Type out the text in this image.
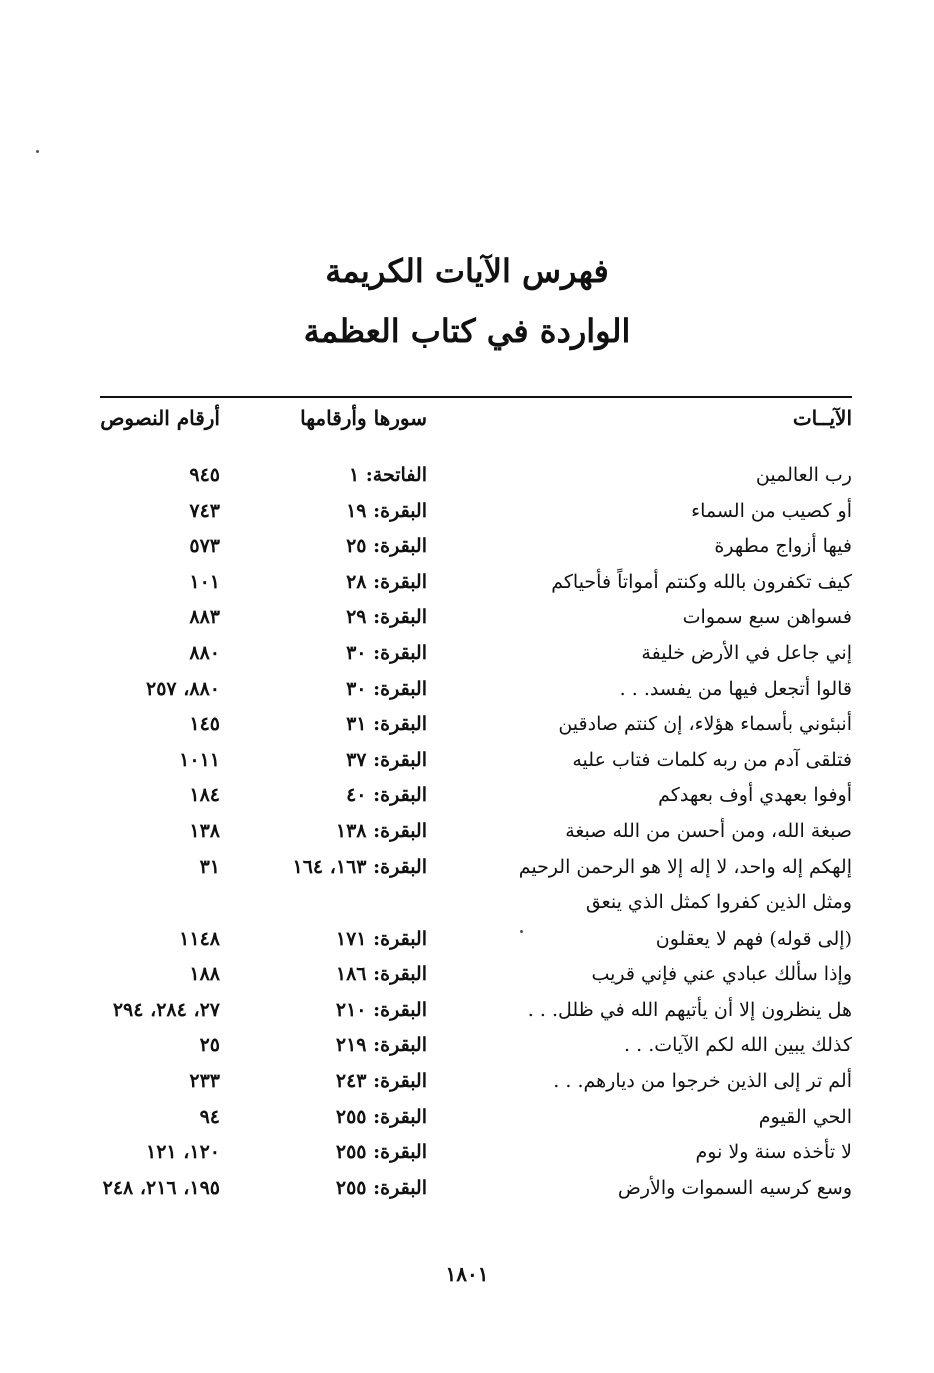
فهرس الآيات الكريمة
الواردة في كتاب العظمة
الآيــات
سورها وأرقامها
أرقام النصوص
رب العالمين
الفاتحة: ١
٩٤٥
أو كصيب من السماء
البقرة: ١٩
٧٤٣
فيها أزواج مطهرة
البقرة: ٢٥
٥٧٣
كيف تكفرون بالله وكنتم أمواتاً فأحياكم
البقرة: ٢٨
١٠١
فسواهن سبع سموات
البقرة: ٢٩
٨٨٣
إني جاعل في الأرض خليفة
البقرة: ٣٠
٨٨٠
قالوا أتجعل فيها من يفسد. . .
البقرة: ٣٠
٨٨٠، ٢٥٧
أنبئوني بأسماء هؤلاء، إن كنتم صادقين
البقرة: ٣١
١٤٥
فتلقى آدم من ربه كلمات فتاب عليه
البقرة: ٣٧
١٠١١
أوفوا بعهدي أوف بعهدكم
البقرة: ٤٠
١٨٤
صبغة الله، ومن أحسن من الله صبغة
البقرة: ١٣٨
١٣٨
إلهكم إله واحد، لا إله إلا هو الرحمن الرحيم
البقرة: ١٦٣، ١٦٤
٣١
ومثل الذين كفروا كمثل الذي ينعق
(إلى قوله) فهم لا يعقلون
البقرة: ١٧١
١١٤٨
وإذا سألك عبادي عني فإني قريب
البقرة: ١٨٦
١٨٨
هل ينظرون إلا أن يأتيهم الله في ظلل. . .
البقرة: ٢١٠
٢٧، ٢٨٤، ٢٩٤
كذلك يبين الله لكم الآيات. . .
البقرة: ٢١٩
٢٥
ألم تر إلى الذين خرجوا من ديارهم. . .
البقرة: ٢٤٣
٢٣٣
الحي القيوم
البقرة: ٢٥٥
٩٤
لا تأخذه سنة ولا نوم
البقرة: ٢٥٥
١٢٠، ١٢١
وسع كرسيه السموات والأرض
البقرة: ٢٥٥
١٩٥، ٢١٦، ٢٤٨
١٨٠١
